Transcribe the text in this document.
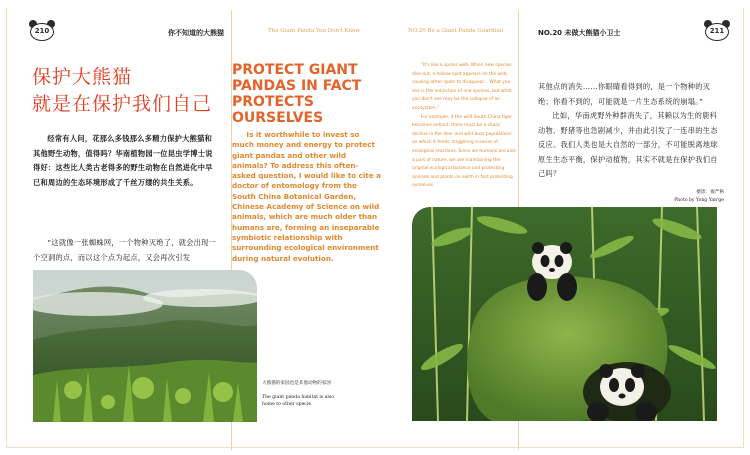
210	你不知道的大熊猫
保护大熊猫
就是在保护我们自己

经常有人问，花那么多钱那么多精力保护大熊猫和其他野生动物，值得吗？华南植物园一位昆虫学博士说得好：这些比人类古老得多的野生动物在自然进化中早已和周边的生态环境形成了千丝万缕的共生关系。

“这就像一张蜘蛛网，一个物种灭绝了，就会出现一个空洞的点，而以这个点为起点，又会再次引发

大熊猫的家园也是其他动物的家园
The giant panda habitat is also home to other specie
The Giant Panda You Don't Know	NO.20 Be a Giant Panda Guardian
PROTECT GIANT
PANDAS IN FACT
PROTECTS OURSELVES

Is it worthwhile to invest so much money and energy to protect giant pandas and other wild animals? To address this often-asked question, I would like to cite a doctor of entomology from the South China Botanical Garden, Chinese Academy of Science on wild animals, which are much older than humans are, forming an inseparable symbiotic relationship with surrounding ecological environment during natural evolution.

“It's like a spider web. When new species dies out, a hollow spot appears on the web, causing other spots to disappear... What you see is the extinction of one species, but what you don't see may be the collapse of an ecosystem.”

For example, if the wild South China tiger becomes extinct, there must be a sharp decline in the deer and wild boar populations on which it feeds, triggering a series of ecological reactions. Since we humans are also a part of nature, we are maintaining the original ecological balance and protecting animals and plants on earth in fact protecting ourselves.

NO.20 未做大熊猫小卫士	211

其他点的消失……你眼睛看得到的，是一个物种的灭绝；你看不到的，可能就是一片生态系统的崩塌。”

比如，华南虎野外种群消失了，其赖以为生的鹿科动物、野猪等也急剧减少，并由此引发了一连串的生态反应。我们人类也是大自然的一部分，不可能脱离地球原生生态平衡，保护动植物，其实不就是在保护我们自己吗？

摄影：雍严格
Photo by Yong Yan'ge
